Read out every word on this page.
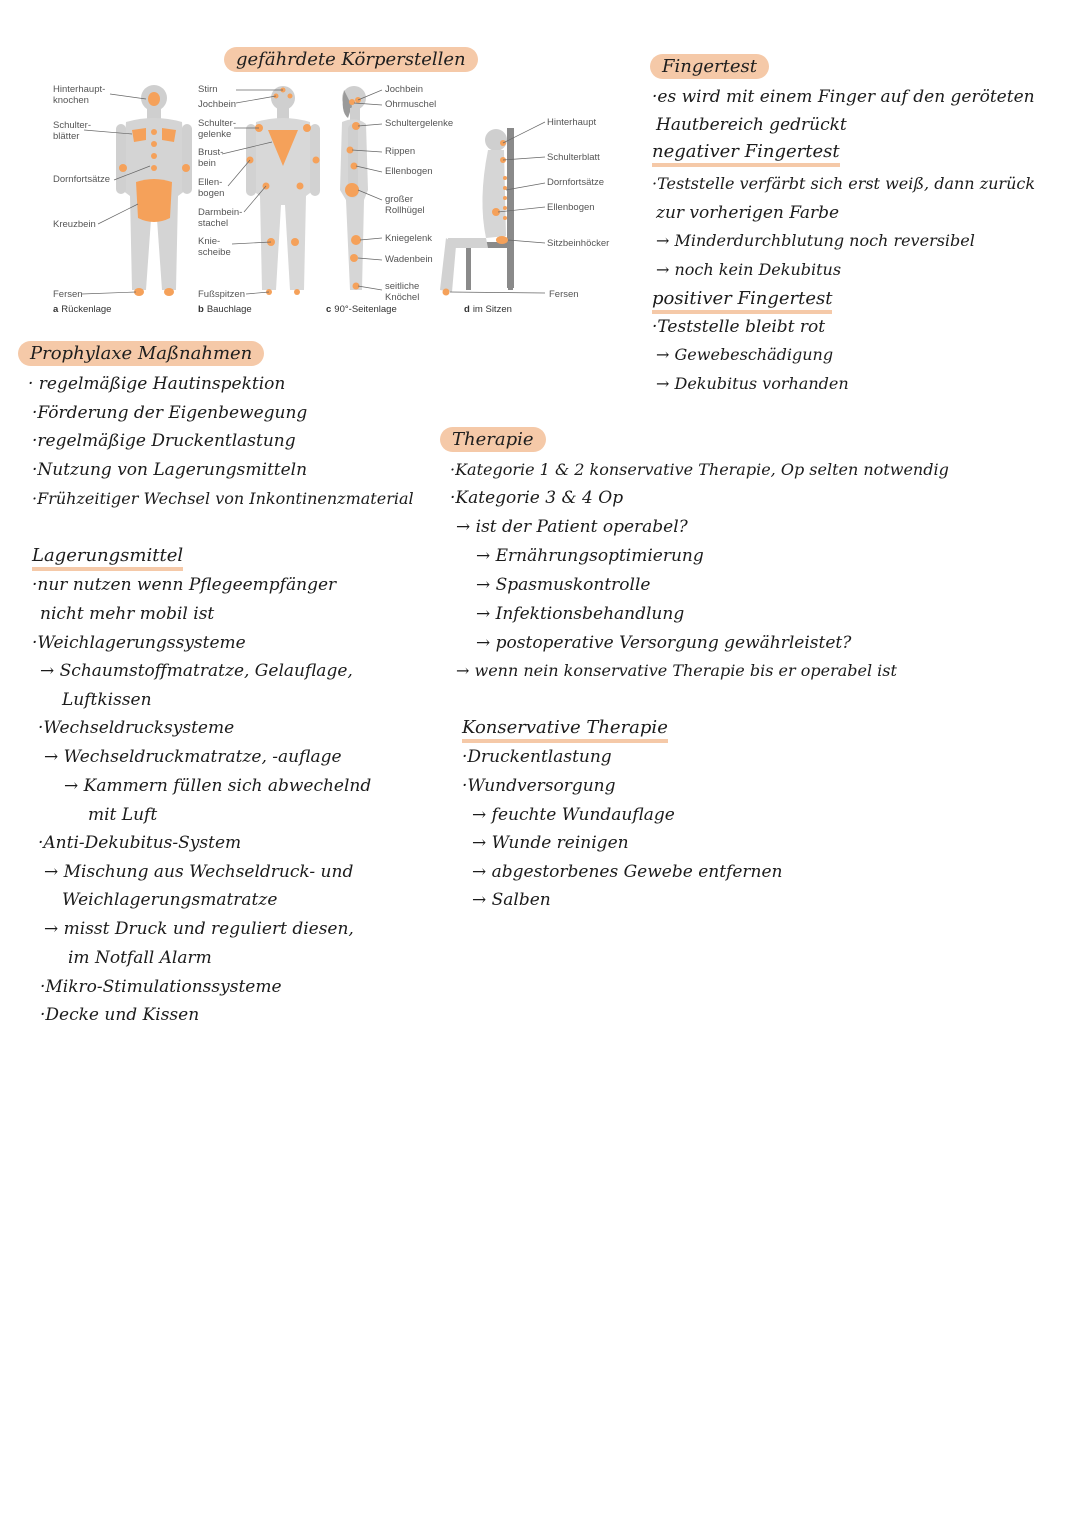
gefährdete Körperstellen
Hinterhaupt-knochen
Schulter-blätter
Dornfortsätze
Kreuzbein
Fersen
a Rückenlage
Stirn
Jochbein
Schulter-gelenke
Brust-bein
Ellen-bogen
Darmbein-stachel
Knie-scheibe
Fußspitzen
b Bauchlage
Jochbein
Ohrmuschel
Schultergelenke
Rippen
Ellenbogen
großer Rollhügel
Kniegelenk
Wadenbein
seitliche Knöchel
c 90°-Seitenlage
Hinterhaupt
Schulterblatt
Dornfortsätze
Ellenbogen
Sitzbeinhöcker
Fersen
d im Sitzen
Fingertest
·es wird mit einem Finger auf den geröteten
Hautbereich gedrückt
negativer Fingertest
·Teststelle verfärbt sich erst weiß, dann zurück
zur vorherigen Farbe
→ Minderdurchblutung noch reversibel
→ noch kein Dekubitus
positiver Fingertest
·Teststelle bleibt rot
→ Gewebeschädigung
→ Dekubitus vorhanden
Prophylaxe Maßnahmen
· regelmäßige Hautinspektion
·Förderung der Eigenbewegung
·regelmäßige Druckentlastung
·Nutzung von Lagerungsmitteln
·Frühzeitiger Wechsel von Inkontinenzmaterial
Lagerungsmittel
·nur nutzen wenn Pflegeempfänger
nicht mehr mobil ist
·Weichlagerungssysteme
→ Schaumstoffmatratze, Gelauflage,
Luftkissen
·Wechseldrucksysteme
→ Wechseldruckmatratze, -auflage
→ Kammern füllen sich abwechelnd
mit Luft
·Anti-Dekubitus-System
→ Mischung aus Wechseldruck- und
Weichlagerungsmatratze
→ misst Druck und reguliert diesen,
im Notfall Alarm
·Mikro-Stimulationssysteme
·Decke und Kissen
Therapie
·Kategorie 1 & 2 konservative Therapie, Op selten notwendig
·Kategorie 3 & 4 Op
→ ist der Patient operabel?
→ Ernährungsoptimierung
→ Spasmuskontrolle
→ Infektionsbehandlung
→ postoperative Versorgung gewährleistet?
→ wenn nein konservative Therapie bis er operabel ist
Konservative Therapie
·Druckentlastung
·Wundversorgung
→ feuchte Wundauflage
→ Wunde reinigen
→ abgestorbenes Gewebe entfernen
→ Salben
